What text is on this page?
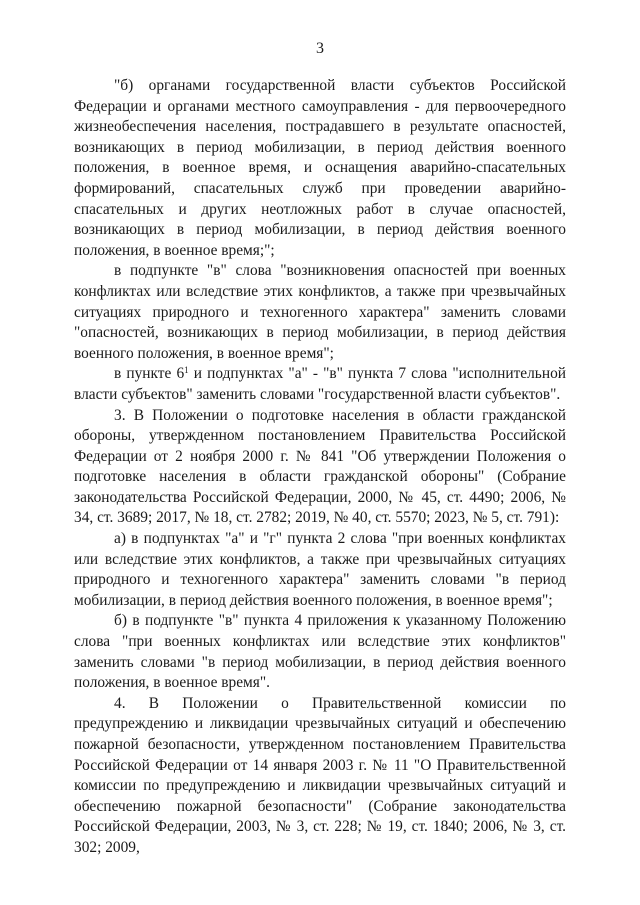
3

"б) органами государственной власти субъектов Российской Федерации и органами местного самоуправления - для первоочередного жизнеобеспечения населения, пострадавшего в результате опасностей, возникающих в период мобилизации, в период действия военного положения, в военное время, и оснащения аварийно-спасательных формирований, спасательных служб при проведении аварийно-спасательных и других неотложных работ в случае опасностей, возникающих в период мобилизации, в период действия военного положения, в военное время;";

в подпункте "в" слова "возникновения опасностей при военных конфликтах или вследствие этих конфликтов, а также при чрезвычайных ситуациях природного и техногенного характера" заменить словами "опасностей, возникающих в период мобилизации, в период действия военного положения, в военное время";

в пункте $6^1$ и подпунктах "а" - "в" пункта 7 слова "исполнительной власти субъектов" заменить словами "государственной власти субъектов".

3. В Положении о подготовке населения в области гражданской обороны, утвержденном постановлением Правительства Российской Федерации от 2 ноября 2000 г. № 841 "Об утверждении Положения о подготовке населения в области гражданской обороны" (Собрание законодательства Российской Федерации, 2000, № 45, ст. 4490; 2006, № 34, ст. 3689; 2017, № 18, ст. 2782; 2019, № 40, ст. 5570; 2023, № 5, ст. 791):

а) в подпунктах "а" и "г" пункта 2 слова "при военных конфликтах или вследствие этих конфликтов, а также при чрезвычайных ситуациях природного и техногенного характера" заменить словами "в период мобилизации, в период действия военного положения, в военное время";

б) в подпункте "в" пункта 4 приложения к указанному Положению слова "при военных конфликтах или вследствие этих конфликтов" заменить словами "в период мобилизации, в период действия военного положения, в военное время".

4. В Положении о Правительственной комиссии по предупреждению и ликвидации чрезвычайных ситуаций и обеспечению пожарной безопасности, утвержденном постановлением Правительства Российской Федерации от 14 января 2003 г. № 11 "О Правительственной комиссии по предупреждению и ликвидации чрезвычайных ситуаций и обеспечению пожарной безопасности" (Собрание законодательства Российской Федерации, 2003, № 3, ст. 228; № 19, ст. 1840; 2006, № 3, ст. 302; 2009,
